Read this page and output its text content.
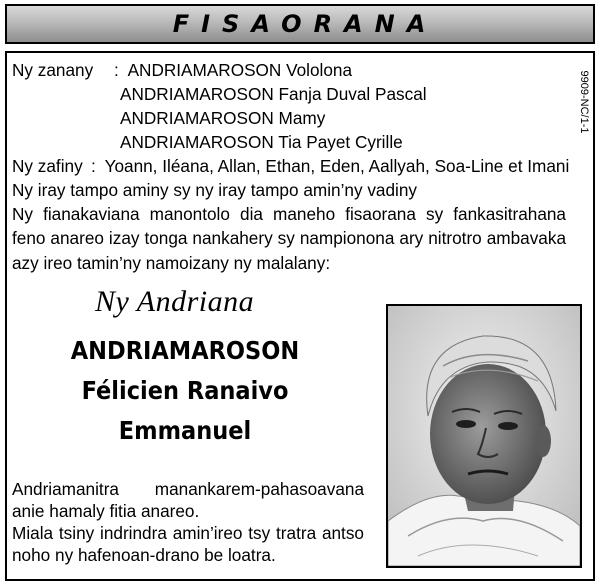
FISAORANA
9909-NC/1-1
Ny zanany : ANDRIAMAROSON Vololona
ANDRIAMAROSON Fanja Duval Pascal
ANDRIAMAROSON Mamy
ANDRIAMAROSON Tia Payet Cyrille
Ny zafiny : Yoann, Iléana, Allan, Ethan, Eden, Aallyah, Soa-Line et Imani
Ny iray tampo aminy sy ny iray tampo amin’ny vadiny
Ny fianakaviana manontolo dia maneho fisaorana sy fankasitrahana feno anareo izay tonga nankahery sy nampionona ary nitrotro ambavaka azy ireo tamin’ny namoizany ny malalany:
Ny Andriana
ANDRIAMAROSON
Félicien Ranaivo
Emmanuel
Andriamanitra manankarem-pahasoavana anie hamaly fitia anareo.
Miala tsiny indrindra amin’ireo tsy tratra antso noho ny hafenoan-drano be loatra.
